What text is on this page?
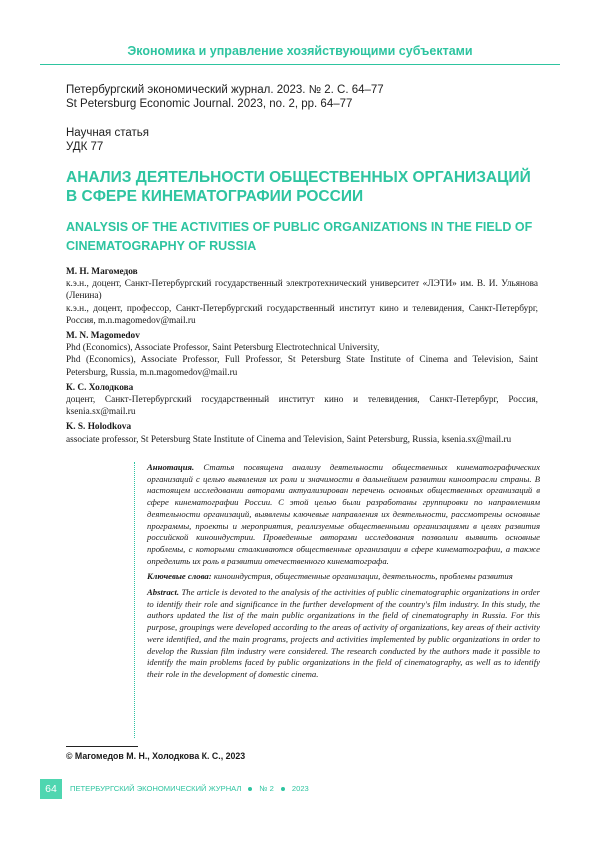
Экономика и управление хозяйствующими субъектами
Петербургский экономический журнал. 2023. № 2. С. 64–77
St Petersburg Economic Journal. 2023, no. 2, pp. 64–77
Научная статья
УДК 77
АНАЛИЗ ДЕЯТЕЛЬНОСТИ ОБЩЕСТВЕННЫХ ОРГАНИЗАЦИЙ В СФЕРЕ КИНЕМАТОГРАФИИ РОССИИ
ANALYSIS OF THE ACTIVITIES OF PUBLIC ORGANIZATIONS IN THE FIELD OF CINEMATOGRAPHY OF RUSSIA
М. Н. Магомедов
к.э.н., доцент, Санкт-Петербургский государственный электротехнический университет «ЛЭТИ» им. В. И. Ульянова (Ленина)
к.э.н., доцент, профессор, Санкт-Петербургский государственный институт кино и телевидения, Санкт-Петербург, Россия, m.n.magomedov@mail.ru
M. N. Magomedov
Phd (Economics), Associate Professor, Saint Petersburg Electrotechnical University,
Phd (Economics), Associate Professor, Full Professor, St Petersburg State Institute of Cinema and Television, Saint Petersburg, Russia, m.n.magomedov@mail.ru
К. С. Холодкова
доцент, Санкт-Петербургский государственный институт кино и телевидения, Санкт-Петербург, Россия, ksenia.sx@mail.ru
K. S. Holodkova
associate professor, St Petersburg State Institute of Cinema and Television, Saint Petersburg, Russia, ksenia.sx@mail.ru

Аннотация. Статья посвящена анализу деятельности общественных кинематографических организаций с целью выявления их роли и значимости в дальнейшем развитии киноотрасли страны. В настоящем исследовании авторами актуализирован перечень основных общественных организаций в сфере кинематографии России. С этой целью были разработаны группировки по направлениям деятельности организаций, выявлены ключевые направления их деятельности, рассмотрены основные программы, проекты и мероприятия, реализуемые общественными организациями в целях развития российской киноиндустрии. Проведенные авторами исследования позволили выявить основные проблемы, с которыми сталкиваются общественные организации в сфере кинематографии, а также определить их роль в развитии отечественного кинематографа.

Ключевые слова: киноиндустрия, общественные организации, деятельность, проблемы развития

Abstract. The article is devoted to the analysis of the activities of public cinematographic organizations in order to identify their role and significance in the further development of the country's film industry. In this study, the authors updated the list of the main public organizations in the field of cinematography in Russia. For this purpose, groupings were developed according to the areas of activity of organizations, key areas of their activity were identified, and the main programs, projects and activities implemented by public organizations in order to develop the Russian film industry were considered. The research conducted by the authors made it possible to identify the main problems faced by public organizations in the field of cinematography, as well as to identify their role in the development of domestic cinema.

© Магомедов М. Н., Холодкова К. С., 2023
64	ПЕТЕРБУРГСКИЙ ЭКОНОМИЧЕСКИЙ ЖУРНАЛ № 2 2023
